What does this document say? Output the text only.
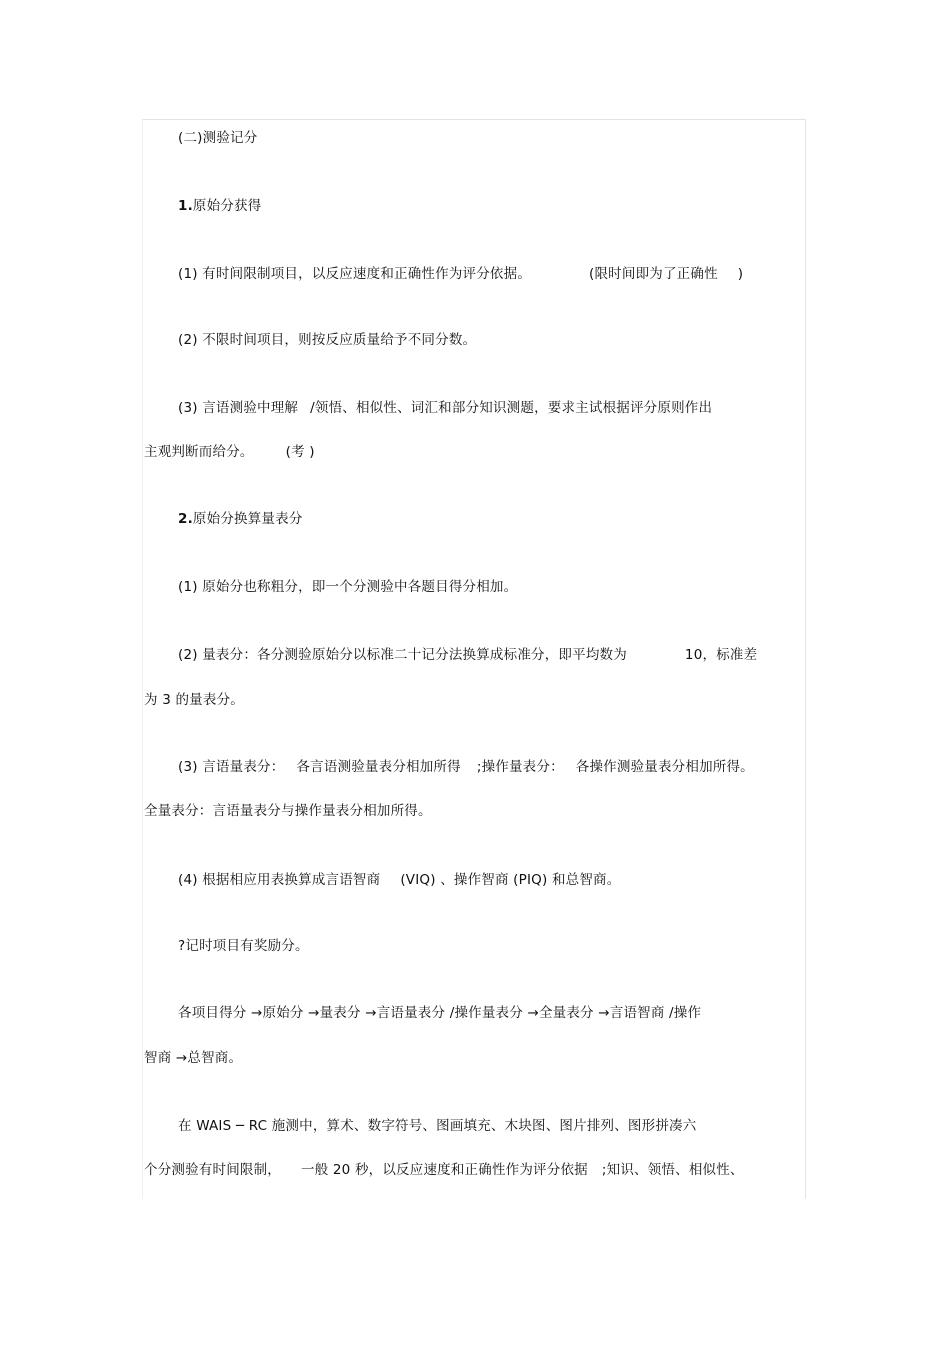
(二)测验记分
1.原始分获得
(1) 有时间限制项目，以反应速度和正确性作为评分依据。	(限时间即为了正确性 )
(2) 不限时间项目，则按反应质量给予不同分数。
(3) 言语测验中理解 /领悟、相似性、词汇和部分知识测题，要求主试根据评分原则作出
主观判断而给分。 (考 )
2.原始分换算量表分
(1) 原始分也称粗分，即一个分测验中各题目得分相加。
(2) 量表分：各分测验原始分以标准二十记分法换算成标准分，即平均数为	10，标准差
为 3 的量表分。
(3) 言语量表分： 各言语测验量表分相加所得 ;操作量表分： 各操作测验量表分相加所得。
全量表分：言语量表分与操作量表分相加所得。
(4) 根据相应用表换算成言语智商 (VIQ) 、操作智商 (PIQ) 和总智商。
?记时项目有奖励分。
各项目得分 →原始分 →量表分 →言语量表分 /操作量表分 →全量表分 →言语智商 /操作
智商 →总智商。
在 WAIS ─ RC 施测中，算术、数字符号、图画填充、木块图、图片排列、图形拼凑六
个分测验有时间限制， 一般 20 秒，以反应速度和正确性作为评分依据 ;知识、领悟、相似性、
